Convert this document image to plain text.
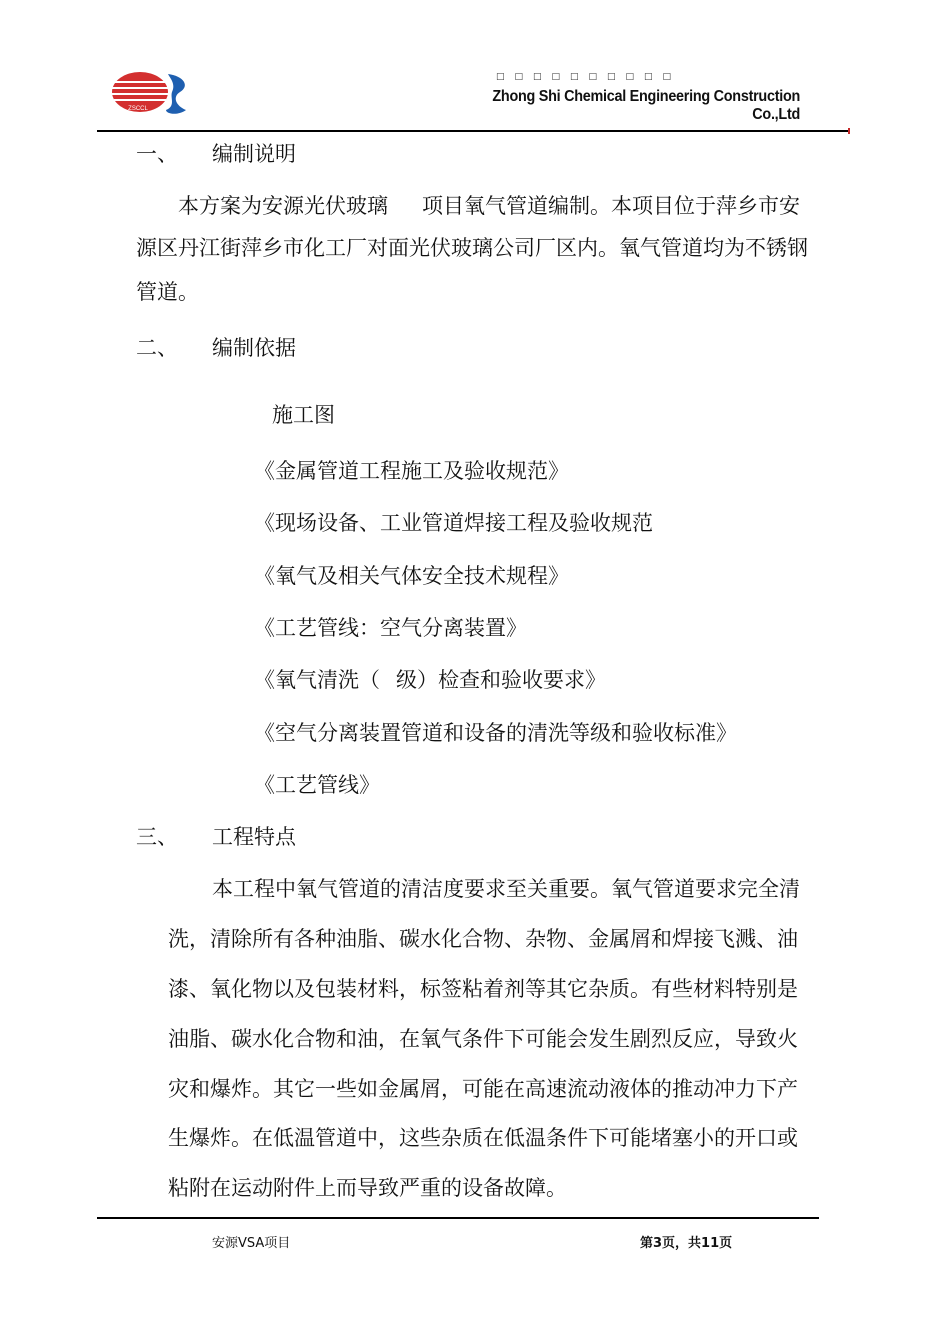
ZSCCL
□□□□□□□□□□
Zhong Shi Chemical Engineering Construction Co.,Ltd
一、 编制说明
本方案为安源光伏玻璃 项目氧气管道编制。本项目位于萍乡市安
源区丹江街萍乡市化工厂对面光伏玻璃公司厂区内。氧气管道均为不锈钢
管道。
二、 编制依据
施工图
《金属管道工程施工及验收规范》
《现场设备、工业管道焊接工程及验收规范
《氧气及相关气体安全技术规程》
《工艺管线：空气分离装置》
《氧气清洗（ 级）检查和验收要求》
《空气分离装置管道和设备的清洗等级和验收标准》
《工艺管线》
三、 工程特点
本工程中氧气管道的清洁度要求至关重要。氧气管道要求完全清
洗，清除所有各种油脂、碳水化合物、杂物、金属屑和焊接飞溅、油
漆、氧化物以及包装材料，标签粘着剂等其它杂质。有些材料特别是
油脂、碳水化合物和油，在氧气条件下可能会发生剧烈反应，导致火
灾和爆炸。其它一些如金属屑，可能在高速流动液体的推动冲力下产
生爆炸。在低温管道中，这些杂质在低温条件下可能堵塞小的开口或
粘附在运动附件上而导致严重的设备故障。
安源VSA项目	第3页，共11页
